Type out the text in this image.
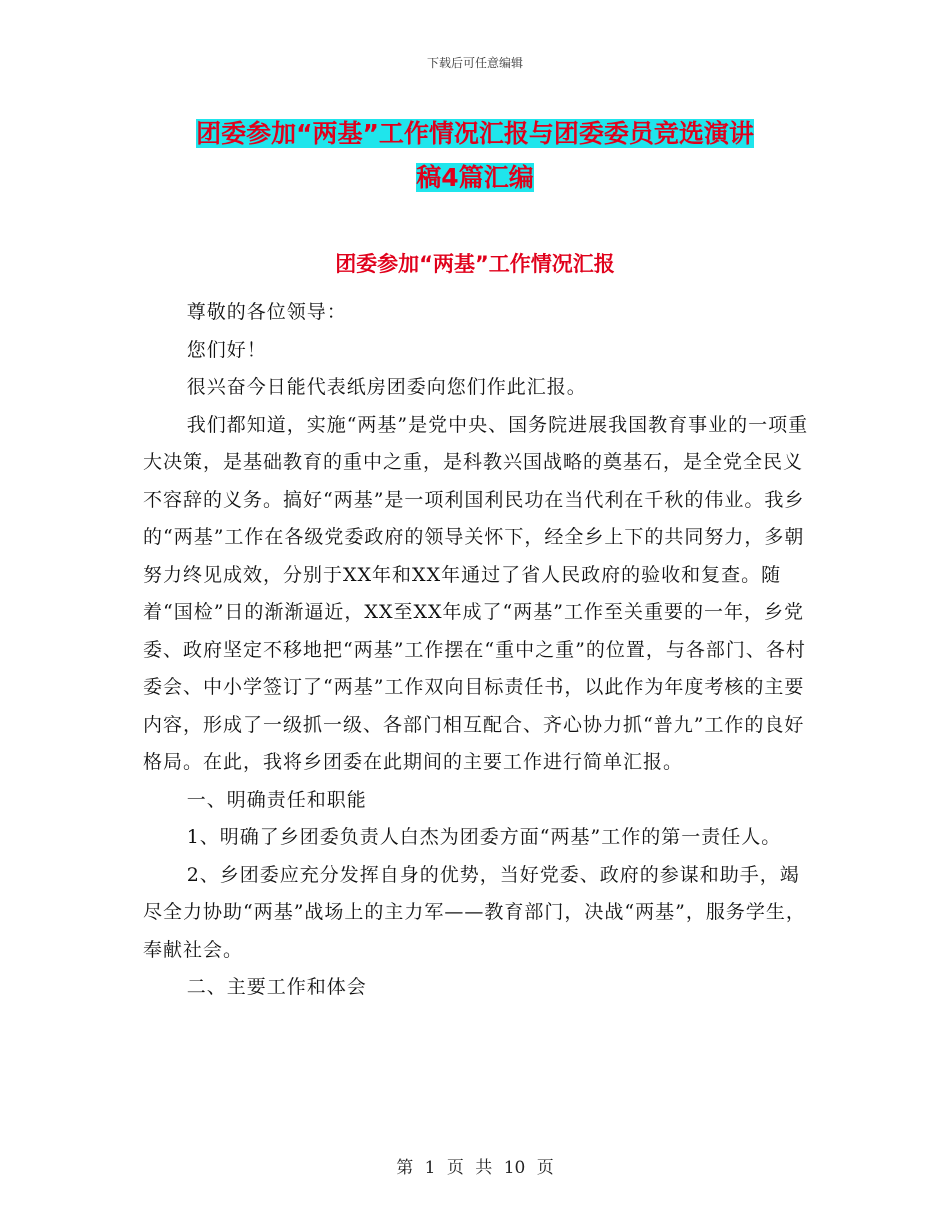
下载后可任意编辑
团委参加“两基”工作情况汇报与团委委员竞选演讲
稿4篇汇编
团委参加“两基”工作情况汇报

尊敬的各位领导：

您们好！

很兴奋今日能代表纸房团委向您们作此汇报。

我们都知道，实施“两基”是党中央、国务院进展我国教育事业的一项重大决策，是基础教育的重中之重，是科教兴国战略的奠基石，是全党全民义不容辞的义务。搞好“两基”是一项利国利民功在当代利在千秋的伟业。我乡的“两基”工作在各级党委政府的领导关怀下，经全乡上下的共同努力，多朝努力终见成效，分别于XX年和XX年通过了省人民政府的验收和复查。随着“国检”日的渐渐逼近，XX至XX年成了“两基”工作至关重要的一年，乡党委、政府坚定不移地把“两基”工作摆在“重中之重”的位置，与各部门、各村委会、中小学签订了“两基”工作双向目标责任书，以此作为年度考核的主要内容，形成了一级抓一级、各部门相互配合、齐心协力抓“普九”工作的良好格局。在此，我将乡团委在此期间的主要工作进行简单汇报。

一、明确责任和职能

1、明确了乡团委负责人白杰为团委方面“两基”工作的第一责任人。

2、乡团委应充分发挥自身的优势，当好党委、政府的参谋和助手，竭尽全力协助“两基”战场上的主力军——教育部门，决战“两基”，服务学生，奉献社会。

二、主要工作和体会

第 1 页 共 10 页
